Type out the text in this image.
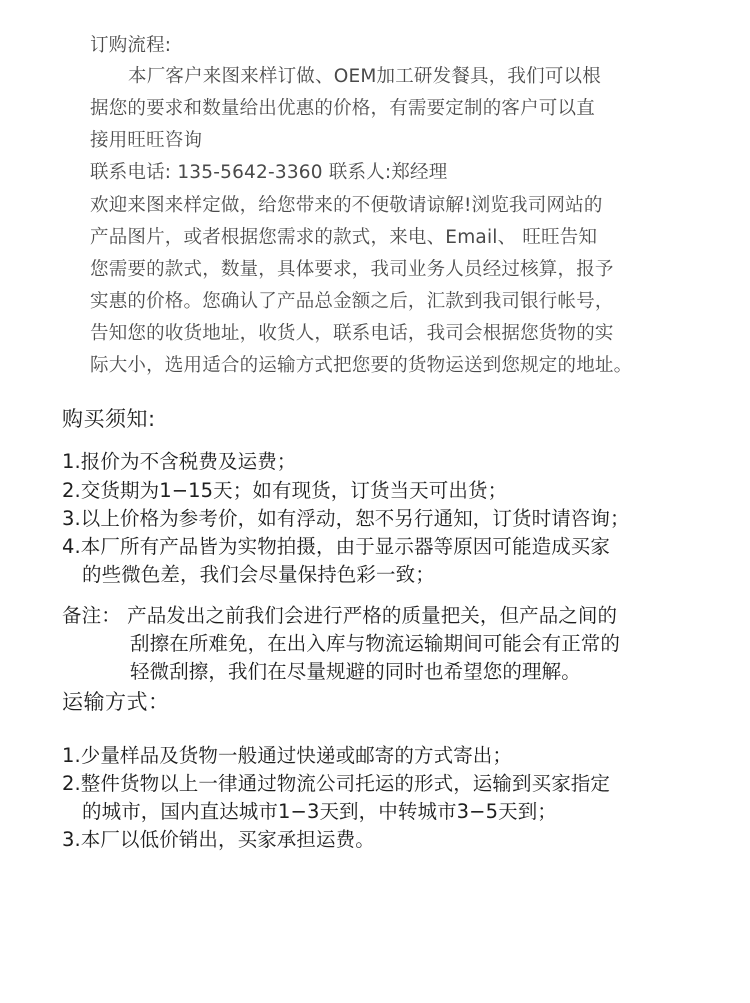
订购流程:
本厂客户来图来样订做、OEM加工研发餐具，我们可以根
据您的要求和数量给出优惠的价格，有需要定制的客户可以直
接用旺旺咨询
联系电话: 135-5642-3360 联系人:郑经理
欢迎来图来样定做，给您带来的不便敬请谅解!浏览我司网站的
产品图片，或者根据您需求的款式，来电、Email、 旺旺告知
您需要的款式，数量，具体要求，我司业务人员经过核算，报予
实惠的价格。您确认了产品总金额之后，汇款到我司银行帐号，
告知您的收货地址，收货人，联系电话，我司会根据您货物的实
际大小，选用适合的运输方式把您要的货物运送到您规定的地址。
购买须知:
1.报价为不含税费及运费；
2.交货期为1−15天；如有现货，订货当天可出货；
3.以上价格为参考价，如有浮动，恕不另行通知，订货时请咨询；
4.本厂所有产品皆为实物拍摄，由于显示器等原因可能造成买家
的些微色差，我们会尽量保持色彩一致；
备注： 产品发出之前我们会进行严格的质量把关，但产品之间的
刮擦在所难免，在出入库与物流运输期间可能会有正常的
轻微刮擦，我们在尽量规避的同时也希望您的理解。
运输方式：
1.少量样品及货物一般通过快递或邮寄的方式寄出；
2.整件货物以上一律通过物流公司托运的形式，运输到买家指定
的城市，国内直达城市1−3天到，中转城市3−5天到；
3.本厂以低价销出，买家承担运费。
